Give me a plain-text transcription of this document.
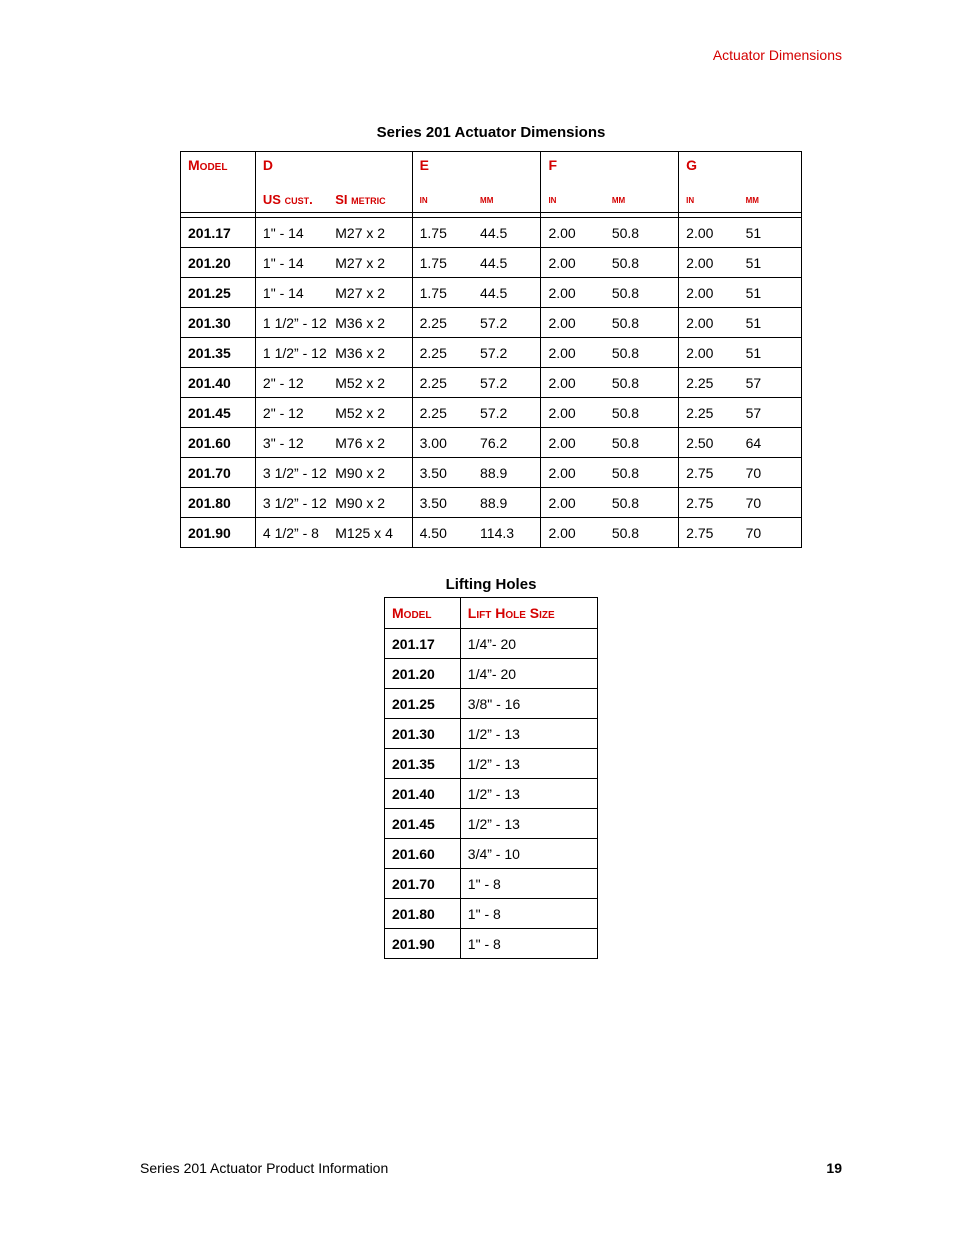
Actuator Dimensions
Series 201 Actuator Dimensions
Model	D		E		F		G	
	US cust.	SI metric	in	mm	in	mm	in	mm

201.17	1" - 14	M27 x 2	1.75	44.5	2.00	50.8	2.00	51
201.20	1" - 14	M27 x 2	1.75	44.5	2.00	50.8	2.00	51
201.25	1" - 14	M27 x 2	1.75	44.5	2.00	50.8	2.00	51
201.30	1 1/2” - 12	M36 x 2	2.25	57.2	2.00	50.8	2.00	51
201.35	1 1/2” - 12	M36 x 2	2.25	57.2	2.00	50.8	2.00	51
201.40	2" - 12	M52 x 2	2.25	57.2	2.00	50.8	2.25	57
201.45	2" - 12	M52 x 2	2.25	57.2	2.00	50.8	2.25	57
201.60	3" - 12	M76 x 2	3.00	76.2	2.00	50.8	2.50	64
201.70	3 1/2” - 12	M90 x 2	3.50	88.9	2.00	50.8	2.75	70
201.80	3 1/2” - 12	M90 x 2	3.50	88.9	2.00	50.8	2.75	70
201.90	4 1/2” - 8	M125 x 4	4.50	114.3	2.00	50.8	2.75	70
Lifting Holes
Model	Lift Hole Size
201.17	1/4”- 20
201.20	1/4”- 20
201.25	3/8" - 16
201.30	1/2” - 13
201.35	1/2” - 13
201.40	1/2” - 13
201.45	1/2” - 13
201.60	3/4” - 10
201.70	1" - 8
201.80	1" - 8
201.90	1" - 8
Series 201 Actuator Product Information	19
